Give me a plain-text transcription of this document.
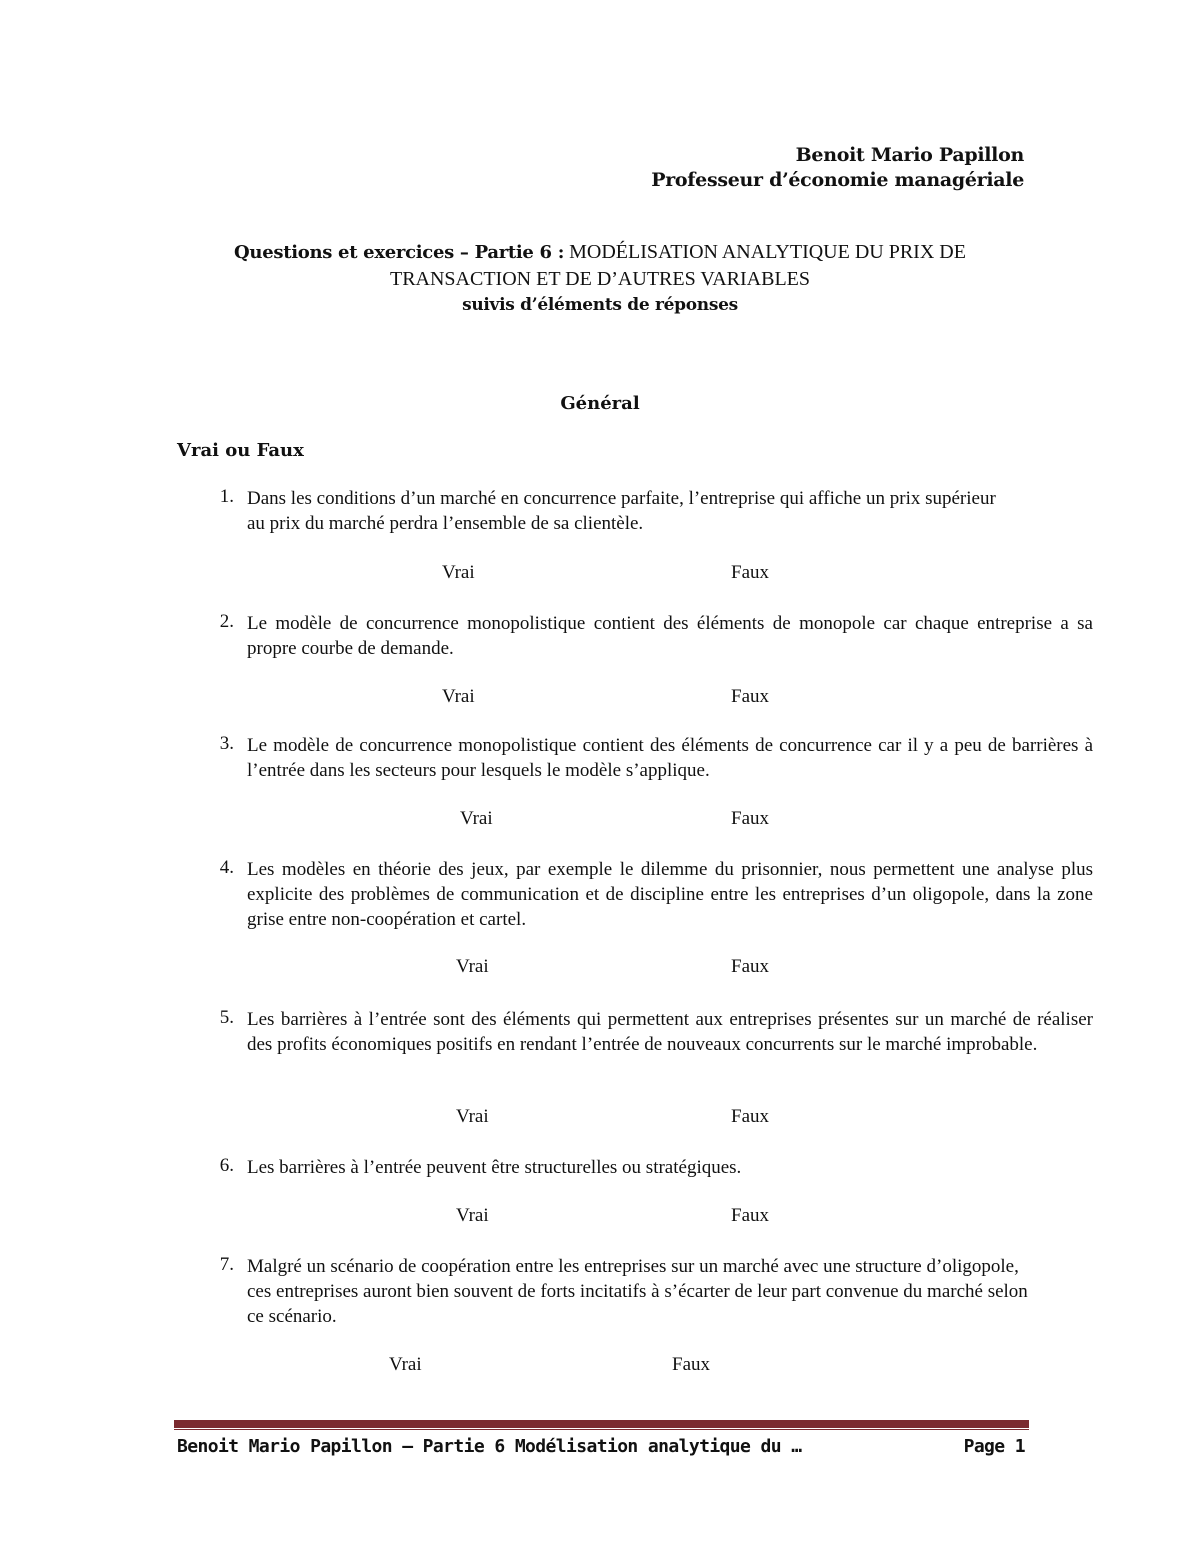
Benoit Mario Papillon
Professeur d’économie managériale
Questions et exercices – Partie 6 : MODÉLISATION ANALYTIQUE DU PRIX DE
TRANSACTION ET DE D’AUTRES VARIABLES
suivis d’éléments de réponses
Général
Vrai ou Faux
1. Dans les conditions d’un marché en concurrence parfaite, l’entreprise qui affiche un prix supérieur au prix du marché perdra l’ensemble de sa clientèle.
Vrai	Faux
2. Le modèle de concurrence monopolistique contient des éléments de monopole car chaque entreprise a sa propre courbe de demande.
Vrai	Faux
3. Le modèle de concurrence monopolistique contient des éléments de concurrence car il y a peu de barrières à l’entrée dans les secteurs pour lesquels le modèle s’applique.
Vrai	Faux
4. Les modèles en théorie des jeux, par exemple le dilemme du prisonnier, nous permettent une analyse plus explicite des problèmes de communication et de discipline entre les entreprises d’un oligopole, dans la zone grise entre non-coopération et cartel.
Vrai	Faux
5. Les barrières à l’entrée sont des éléments qui permettent aux entreprises présentes sur un marché de réaliser des profits économiques positifs en rendant l’entrée de nouveaux concurrents sur le marché improbable.
Vrai	Faux
6. Les barrières à l’entrée peuvent être structurelles ou stratégiques.
Vrai	Faux
7. Malgré un scénario de coopération entre les entreprises sur un marché avec une structure d’oligopole, ces entreprises auront bien souvent de forts incitatifs à s’écarter de leur part convenue du marché selon ce scénario.
Vrai	Faux
Benoit Mario Papillon – Partie 6 Modélisation analytique du …	Page 1
